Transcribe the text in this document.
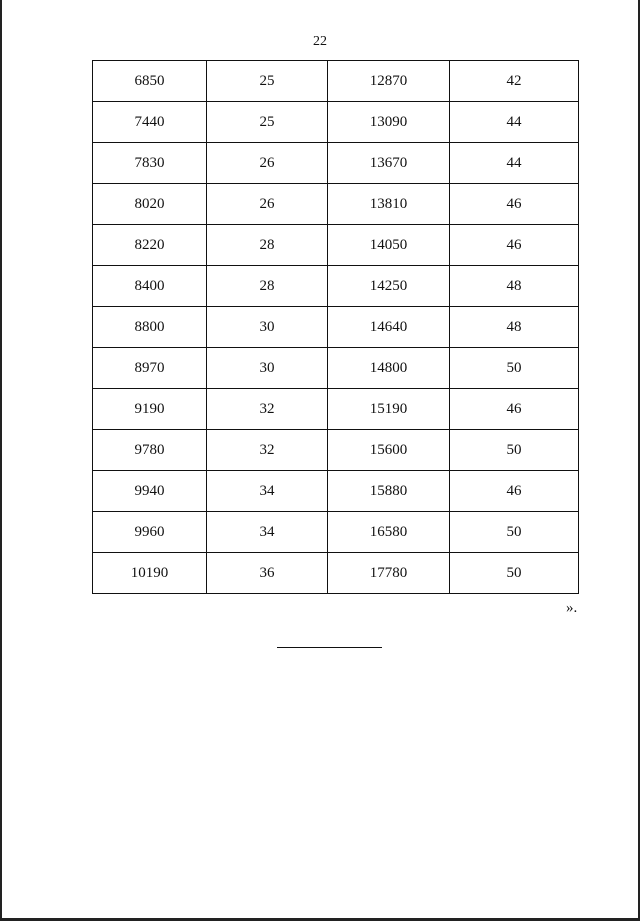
22
6850	25	12870	42
7440	25	13090	44
7830	26	13670	44
8020	26	13810	46
8220	28	14050	46
8400	28	14250	48
8800	30	14640	48
8970	30	14800	50
9190	32	15190	46
9780	32	15600	50
9940	34	15880	46
9960	34	16580	50
10190	36	17780	50
».
